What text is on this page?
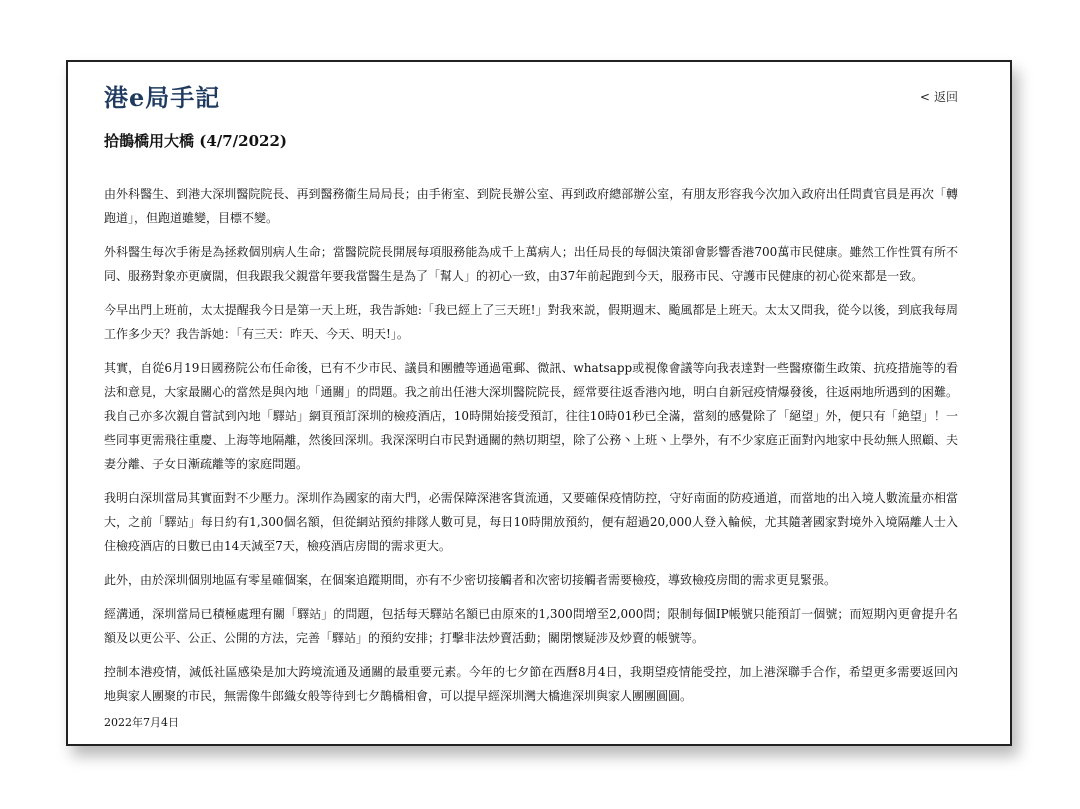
港e局手記	< 返回
拾鵲橋用大橋 (4/7/2022)

由外科醫生、到港大深圳醫院院長、再到醫務衞生局局長；由手術室、到院長辦公室、再到政府總部辦公室，有朋友形容我今次加入政府出任問責官員是再次「轉跑道」，但跑道雖變，目標不變。

外科醫生每次手術是為拯救個別病人生命；當醫院院長開展每項服務能為成千上萬病人；出任局長的每個決策卻會影響香港700萬市民健康。雖然工作性質有所不同、服務對象亦更廣闊，但我跟我父親當年要我當醫生是為了「幫人」的初心一致，由37年前起跑到今天，服務市民、守護市民健康的初心從來都是一致。

今早出門上班前，太太提醒我今日是第一天上班，我告訴她:「我已經上了三天班!」對我來説，假期週末、颱風都是上班天。太太又問我，從今以後，到底我每周工作多少天？我告訴她：「有三天：昨天、今天、明天!」。

其實，自從6月19日國務院公布任命後，已有不少市民、議員和團體等通過電郵、微訊、whatsapp或視像會議等向我表達對一些醫療衞生政策、抗疫措施等的看法和意見，大家最關心的當然是與內地「通關」的問題。我之前出任港大深圳醫院院長，經常要往返香港內地，明白自新冠疫情爆發後，往返兩地所遇到的困難。我自己亦多次親自嘗試到內地「驛站」網頁預訂深圳的檢疫酒店，10時開始接受預訂，往往10時01秒已全滿，當刻的感覺除了「絕望」外，便只有「絶望」！一些同事更需飛往重慶、上海等地隔離，然後回深圳。我深深明白市民對通關的熱切期望，除了公務丶上班丶上學外，有不少家庭正面對內地家中長幼無人照顧、夫妻分離、子女日漸疏離等的家庭問題。

我明白深圳當局其實面對不少壓力。深圳作為國家的南大門，必需保障深港客貨流通，又要確保疫情防控，守好南面的防疫通道，而當地的出入境人數流量亦相當大，之前「驛站」每日約有1,300個名額，但從網站預約排隊人數可見，每日10時開放預約，便有超過20,000人登入輪候，尤其隨著國家對境外入境隔離人士入住檢疫酒店的日數已由14天減至7天，檢疫酒店房間的需求更大。

此外，由於深圳個別地區有零星確個案，在個案追蹤期間，亦有不少密切接觸者和次密切接觸者需要檢疫，導致檢疫房間的需求更見緊張。

經溝通，深圳當局已積極處理有關「驛站」的問題，包括每天驛站名額已由原來的1,300問增至2,000問；限制每個IP帳號只能預訂一個號；而短期內更會提升名額及以更公平、公正、公開的方法，完善「驛站」的預約安排；打擊非法炒賣活動；關閉懷疑涉及炒賣的帳號等。

控制本港疫情，減低社區感染是加大跨境流通及通關的最重要元素。今年的七夕節在西曆8月4日，我期望疫情能受控，加上港深聯手合作，希望更多需要返回內地與家人團聚的市民，無需像牛郎織女般等待到七夕鵲橋相會，可以提早經深圳灣大橋進深圳與家人團團圓圓。

2022年7月4日
